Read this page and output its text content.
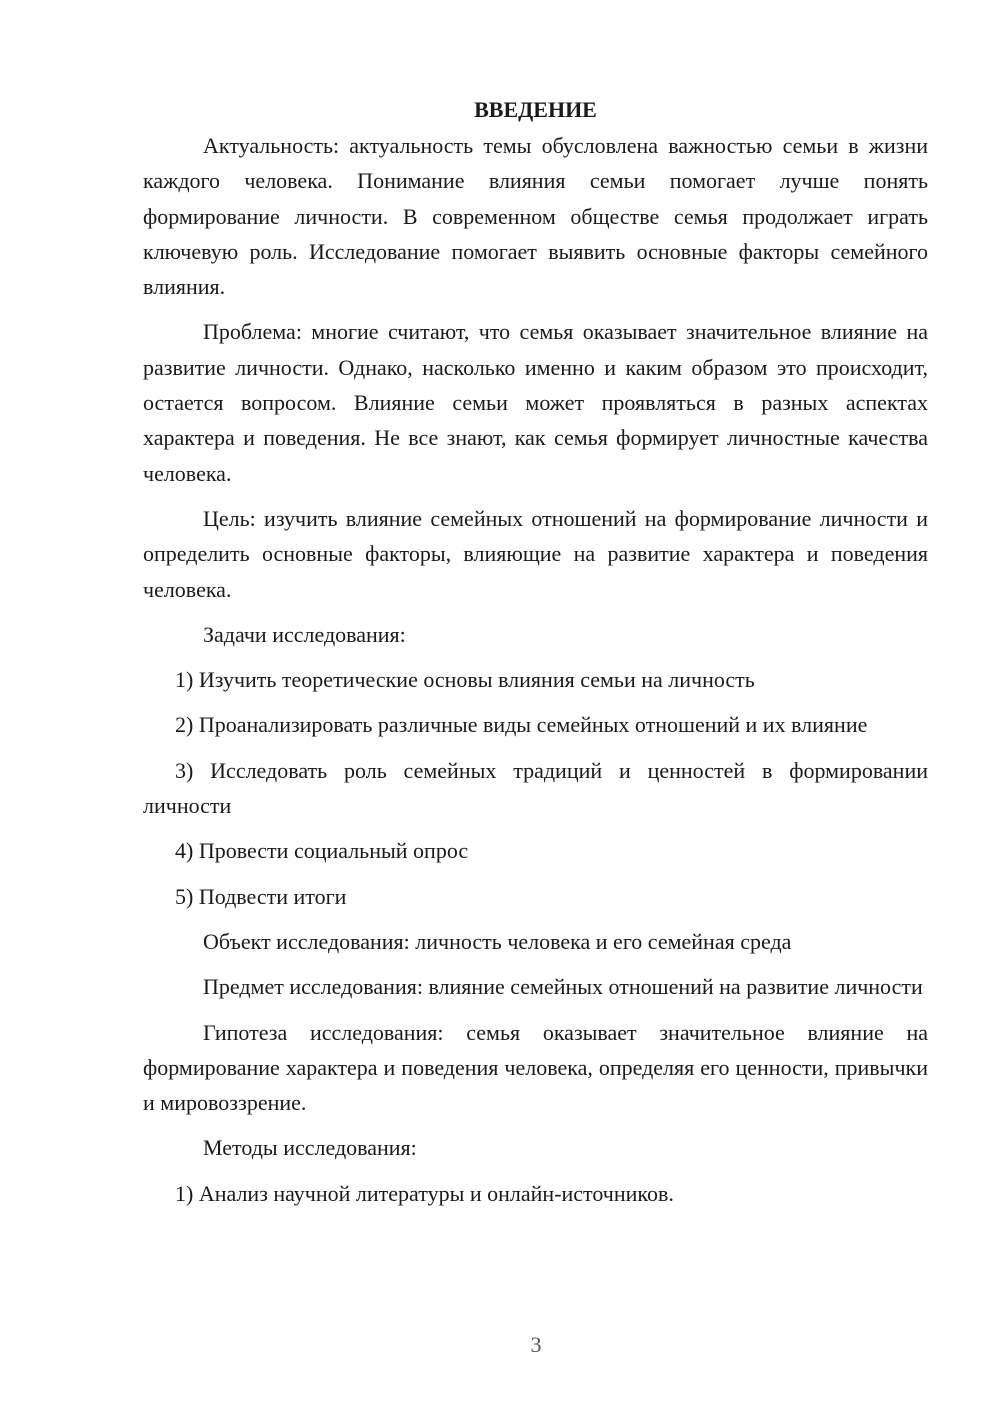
ВВЕДЕНИЕ

Актуальность: актуальность темы обусловлена важностью семьи в жизни каждого человека. Понимание влияния семьи помогает лучше понять формирование личности. В современном обществе семья продолжает играть ключевую роль. Исследование помогает выявить основные факторы семейного влияния.

Проблема: многие считают, что семья оказывает значительное влияние на развитие личности. Однако, насколько именно и каким образом это происходит, остается вопросом. Влияние семьи может проявляться в разных аспектах характера и поведения. Не все знают, как семья формирует личностные качества человека.

Цель: изучить влияние семейных отношений на формирование личности и определить основные факторы, влияющие на развитие характера и поведения человека.

Задачи исследования:

1) Изучить теоретические основы влияния семьи на личность

2) Проанализировать различные виды семейных отношений и их влияние

3) Исследовать роль семейных традиций и ценностей в формировании личности

4) Провести социальный опрос

5) Подвести итоги

Объект исследования: личность человека и его семейная среда

Предмет исследования: влияние семейных отношений на развитие личности

Гипотеза исследования: семья оказывает значительное влияние на формирование характера и поведения человека, определяя его ценности, привычки и мировоззрение.

Методы исследования:

1) Анализ научной литературы и онлайн-источников.

3
